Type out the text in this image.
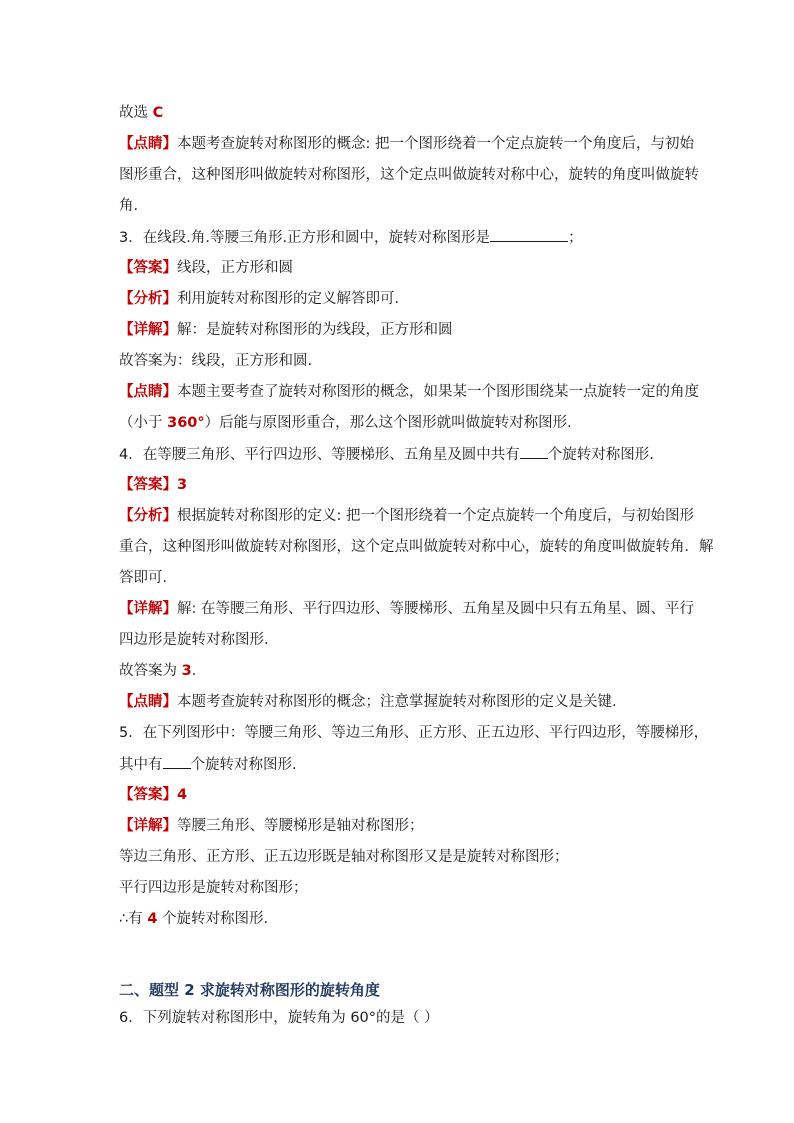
故选 C
【点睛】本题考查旋转对称图形的概念: 把一个图形绕着一个定点旋转一个角度后，与初始
图形重合，这种图形叫做旋转对称图形，这个定点叫做旋转对称中心，旋转的角度叫做旋转
角．
3．在线段.角.等腰三角形.正方形和圆中，旋转对称图形是	；
【答案】线段，正方形和圆
【分析】利用旋转对称图形的定义解答即可．
【详解】解：是旋转对称图形的为线段，正方形和圆
故答案为：线段，正方形和圆.
【点睛】本题主要考查了旋转对称图形的概念，如果某一个图形围绕某一点旋转一定的角度
（小于 360°）后能与原图形重合，那么这个图形就叫做旋转对称图形．
4．在等腰三角形、平行四边形、等腰梯形、五角星及圆中共有 个旋转对称图形.
【答案】3
【分析】根据旋转对称图形的定义: 把一个图形绕着一个定点旋转一个角度后，与初始图形
重合，这种图形叫做旋转对称图形，这个定点叫做旋转对称中心，旋转的角度叫做旋转角．解
答即可．
【详解】解: 在等腰三角形、平行四边形、等腰梯形、五角星及圆中只有五角星、圆、平行
四边形是旋转对称图形．
故答案为 3．
【点睛】本题考查旋转对称图形的概念；注意掌握旋转对称图形的定义是关键．
5．在下列图形中：等腰三角形、等边三角形、正方形、正五边形、平行四边形，等腰梯形，
其中有 个旋转对称图形.
【答案】4
【详解】等腰三角形、等腰梯形是轴对称图形；
等边三角形、正方形、正五边形既是轴对称图形又是是旋转对称图形；
平行四边形是旋转对称图形；
∴有 4 个旋转对称图形.
二、题型 2 求旋转对称图形的旋转角度
6．下列旋转对称图形中，旋转角为 60°的是（ ）
